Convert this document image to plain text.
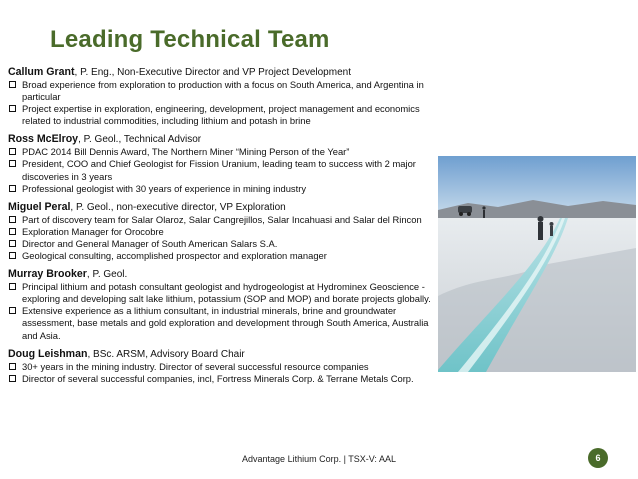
Leading Technical Team
Callum Grant, P. Eng., Non-Executive Director and VP Project Development
Broad experience from exploration to production with a focus on South America, and Argentina in particular
Project expertise in exploration, engineering, development, project management and economics related to industrial commodities, including lithium and potash in brine
Ross McElroy, P. Geol., Technical Advisor
PDAC 2014 Bill Dennis Award, The Northern Miner “Mining Person of the Year”
President, COO and Chief Geologist for Fission Uranium, leading team to success with 2 major discoveries in 3 years
Professional geologist with 30 years of experience in mining industry
Miguel Peral, P. Geol., non-executive director, VP Exploration
Part of discovery team for Salar Olaroz, Salar Cangrejillos, Salar Incahuasi and Salar del Rincon
Exploration Manager for Orocobre
Director and General Manager of South American Salars S.A.
Geological consulting, accomplished prospector and exploration manager
Murray Brooker, P. Geol.
Principal lithium and potash consultant geologist and hydrogeologist at Hydrominex Geoscience - exploring and developing salt lake lithium, potassium (SOP and MOP) and borate projects globally.
Extensive experience as a lithium consultant, in industrial minerals, brine and groundwater assessment, base metals and gold exploration and development through South America, Australia and Asia.
Doug Leishman, BSc. ARSM, Advisory Board Chair
30+ years in the mining industry. Director of several successful resource companies
Director of several successful companies, incl, Fortress Minerals Corp. & Terrane Metals Corp.
Advantage Lithium Corp. | TSX-V: AAL	6
